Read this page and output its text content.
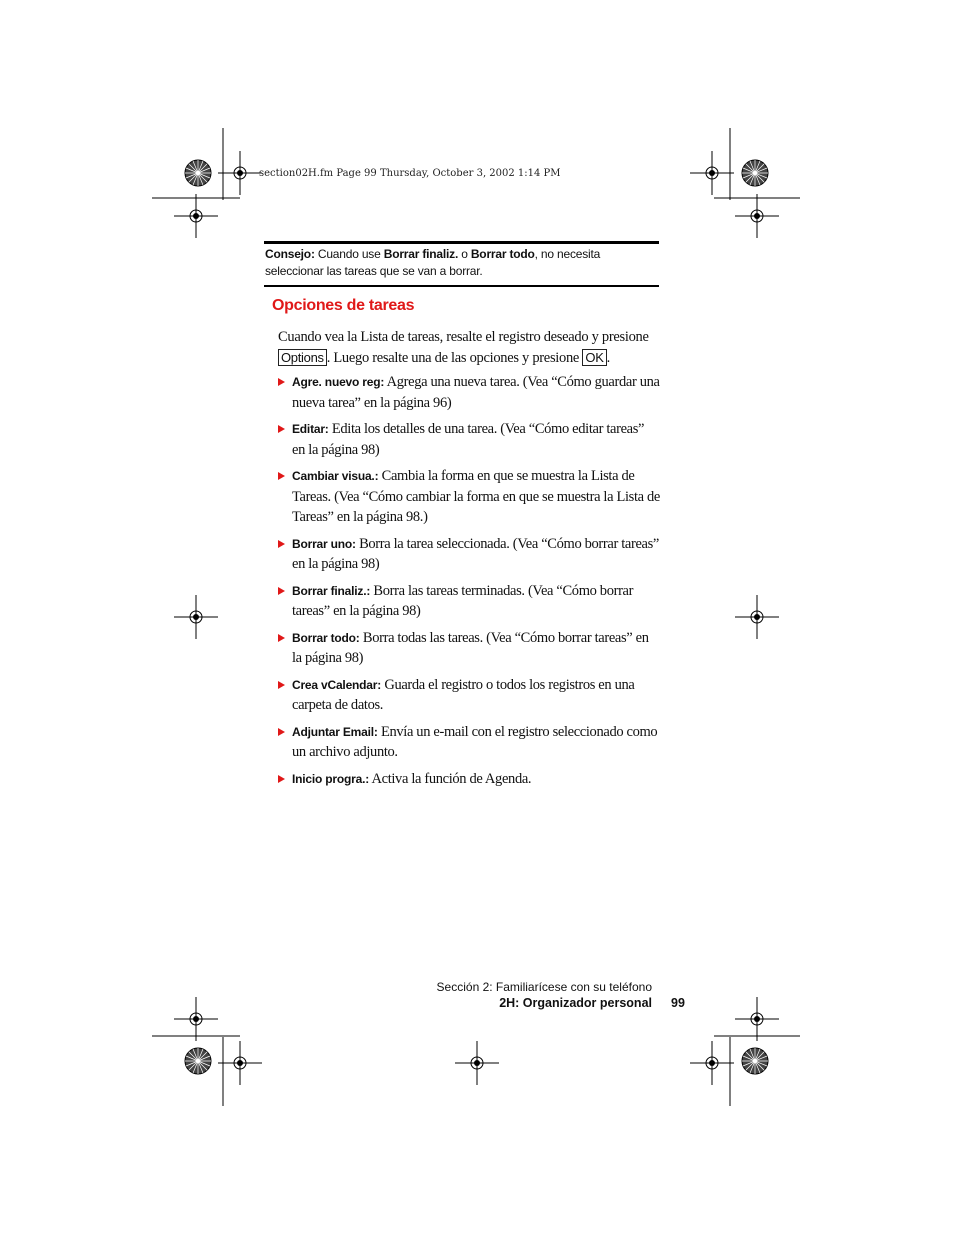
section02H.fm Page 99 Thursday, October 3, 2002 1:14 PM
Consejo: Cuando use Borrar finaliz. o Borrar todo, no necesita seleccionar las tareas que se van a borrar.
Opciones de tareas
Cuando vea la Lista de tareas, resalte el registro deseado y presione Options . Luego resalte una de las opciones y presione OK .
Agre. nuevo reg: Agrega una nueva tarea. (Vea “Cómo guardar una nueva tarea” en la página 96)
Editar: Edita los detalles de una tarea. (Vea “Cómo editar tareas” en la página 98)
Cambiar visua.: Cambia la forma en que se muestra la Lista de Tareas. (Vea “Cómo cambiar la forma en que se muestra la Lista de Tareas” en la página 98.)
Borrar uno: Borra la tarea seleccionada. (Vea “Cómo borrar tareas” en la página 98)
Borrar finaliz.: Borra las tareas terminadas. (Vea “Cómo borrar tareas” en la página 98)
Borrar todo: Borra todas las tareas. (Vea “Cómo borrar tareas” en la página 98)
Crea vCalendar: Guarda el registro o todos los registros en una carpeta de datos.
Adjuntar Email: Envía un e-mail con el registro seleccionado como un archivo adjunto.
Inicio progra.: Activa la función de Agenda.
Sección 2: Familiarícese con su teléfono
2H: Organizador personal 99
